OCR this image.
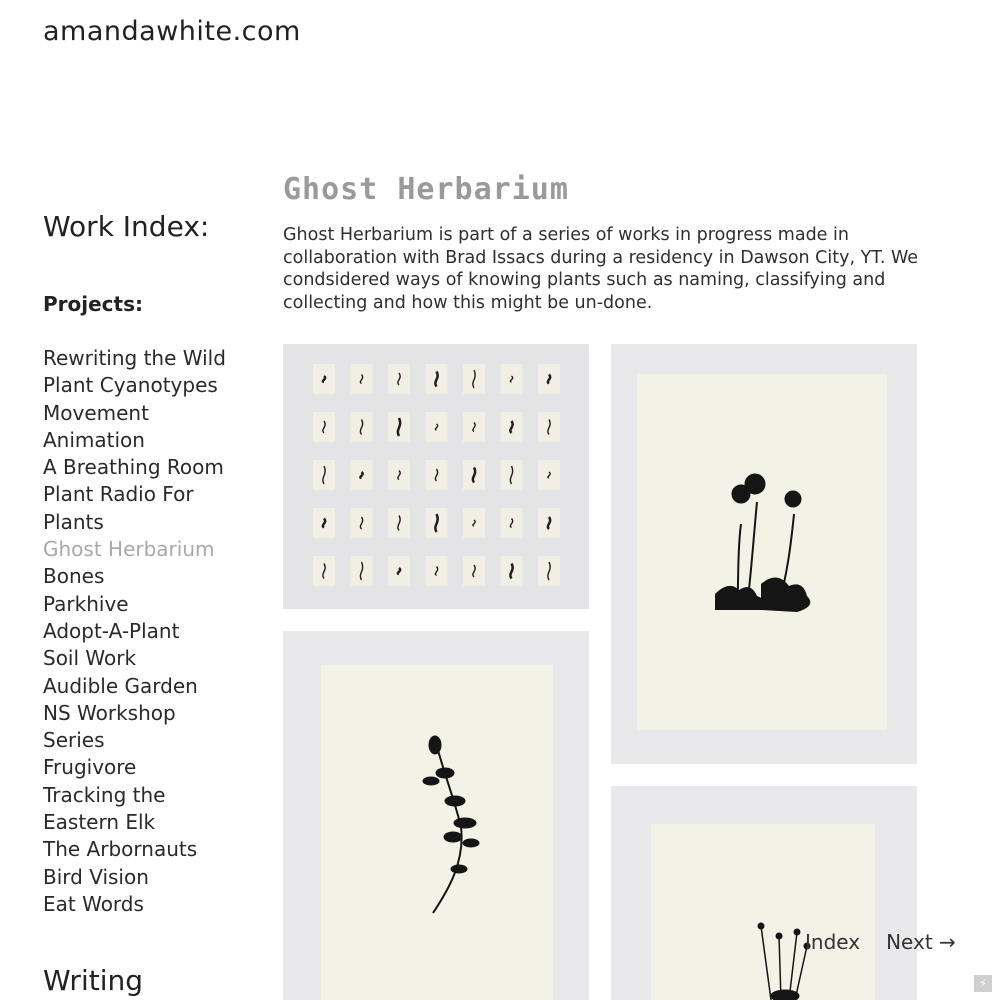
amandawhite.com
Work Index:
Projects:
Rewriting the Wild
Plant Cyanotypes
Movement
Animation
A Breathing Room
Plant Radio For
Plants
Ghost Herbarium
Bones
Parkhive
Adopt-A-Plant
Soil Work
Audible Garden
NS Workshop
Series
Frugivore
Tracking the
Eastern Elk
The Arbornauts
Bird Vision
Eat Words
Writing
Ghost Herbarium

Ghost Herbarium is part of a series of works in progress made in collaboration with Brad Issacs during a residency in Dawson City, YT. We condsidered ways of knowing plants such as naming, classifying and collecting and how this might be un-done.

Index Next →
⚡
